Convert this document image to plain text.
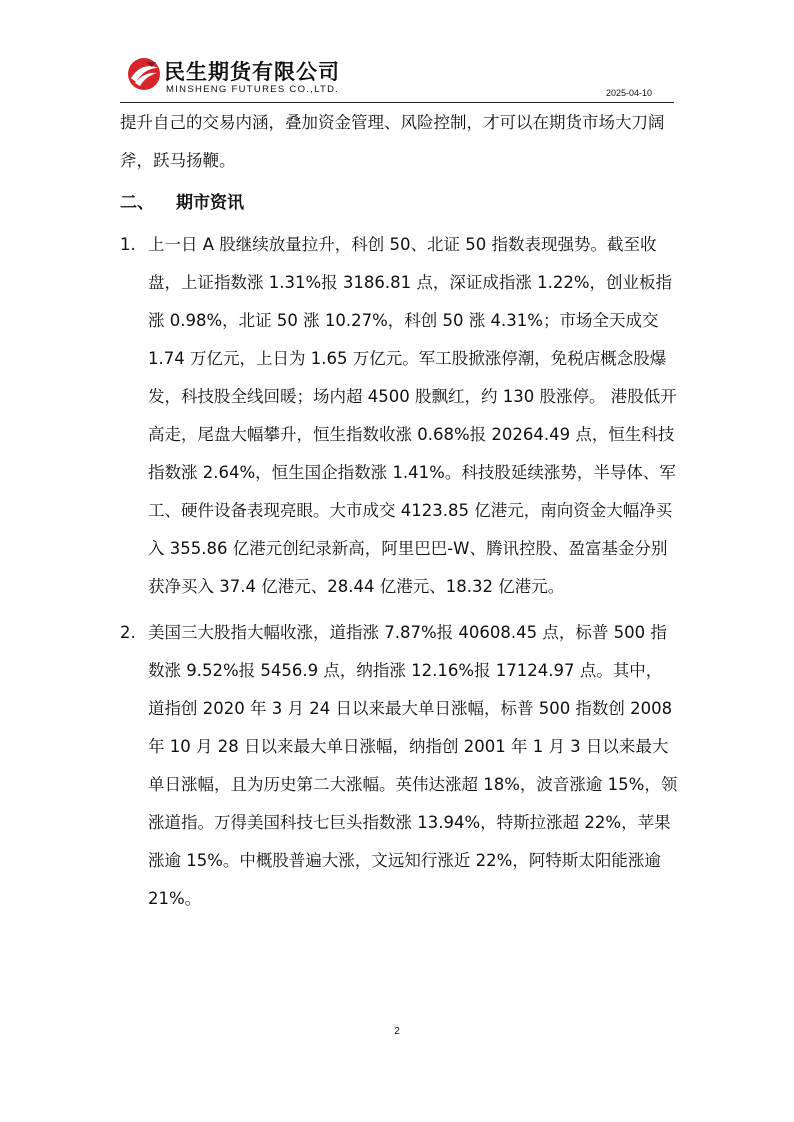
民生期货有限公司
MINSHENG FUTURES CO.,LTD.	2025-04-10

提升自己的交易内涵，叠加资金管理、风险控制，才可以在期货市场大刀阔斧，跃马扬鞭。

二、 期市资讯

1. 上一日 A 股继续放量拉升，科创 50、北证 50 指数表现强势。截至收盘，上证指数涨 1.31%报 3186.81 点，深证成指涨 1.22%，创业板指涨 0.98%，北证 50 涨 10.27%，科创 50 涨 4.31%；市场全天成交 1.74 万亿元，上日为 1.65 万亿元。军工股掀涨停潮，免税店概念股爆发，科技股全线回暖；场内超 4500 股飘红，约 130 股涨停。 港股低开高走，尾盘大幅攀升，恒生指数收涨 0.68%报 20264.49 点，恒生科技指数涨 2.64%，恒生国企指数涨 1.41%。科技股延续涨势，半导体、军工、硬件设备表现亮眼。大市成交 4123.85 亿港元，南向资金大幅净买入 355.86 亿港元创纪录新高，阿里巴巴-W、腾讯控股、盈富基金分别获净买入 37.4 亿港元、28.44 亿港元、18.32 亿港元。
2. 美国三大股指大幅收涨，道指涨 7.87%报 40608.45 点，标普 500 指数涨 9.52%报 5456.9 点，纳指涨 12.16%报 17124.97 点。其中，道指创 2020 年 3 月 24 日以来最大单日涨幅，标普 500 指数创 2008 年 10 月 28 日以来最大单日涨幅，纳指创 2001 年 1 月 3 日以来最大单日涨幅，且为历史第二大涨幅。英伟达涨超 18%，波音涨逾 15%，领涨道指。万得美国科技七巨头指数涨 13.94%，特斯拉涨超 22%，苹果涨逾 15%。中概股普遍大涨，文远知行涨近 22%，阿特斯太阳能涨逾 21%。
2
